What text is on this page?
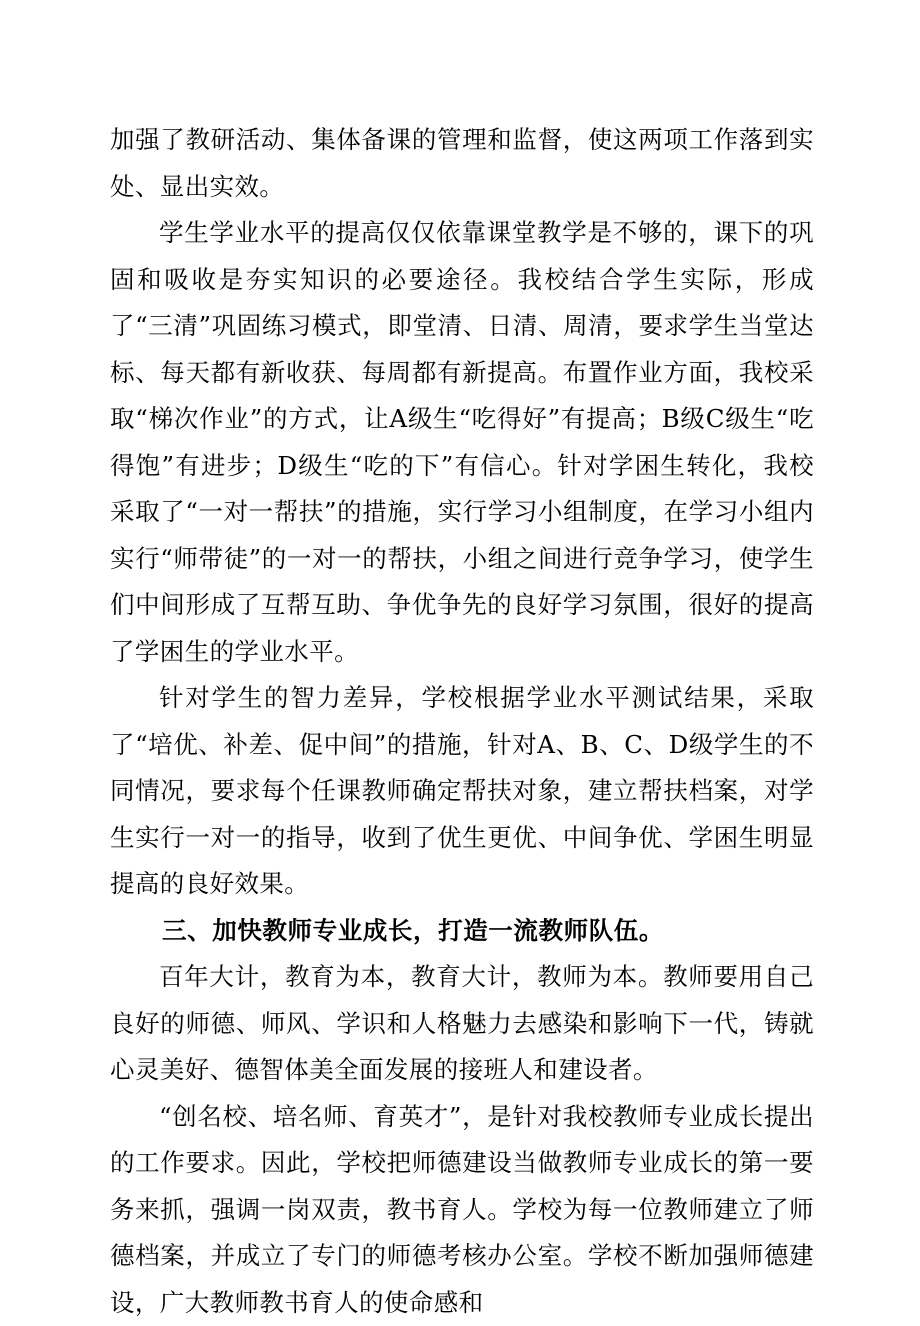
加强了教研活动、集体备课的管理和监督，使这两项工作落到实处、显出实效。

学生学业水平的提高仅仅依靠课堂教学是不够的，课下的巩固和吸收是夯实知识的必要途径。我校结合学生实际，形成了“三清”巩固练习模式，即堂清、日清、周清，要求学生当堂达标、每天都有新收获、每周都有新提高。布置作业方面，我校采取“梯次作业”的方式，让A级生“吃得好”有提高；B级C级生“吃得饱”有进步；D级生“吃的下”有信心。针对学困生转化，我校采取了“一对一帮扶”的措施，实行学习小组制度，在学习小组内实行“师带徒”的一对一的帮扶，小组之间进行竞争学习，使学生们中间形成了互帮互助、争优争先的良好学习氛围，很好的提高了学困生的学业水平。

针对学生的智力差异，学校根据学业水平测试结果，采取了“培优、补差、促中间”的措施，针对A、B、C、D级学生的不同情况，要求每个任课教师确定帮扶对象，建立帮扶档案，对学生实行一对一的指导，收到了优生更优、中间争优、学困生明显提高的良好效果。

三、加快教师专业成长，打造一流教师队伍。

百年大计，教育为本，教育大计，教师为本。教师要用自己良好的师德、师风、学识和人格魅力去感染和影响下一代，铸就心灵美好、德智体美全面发展的接班人和建设者。

“创名校、培名师、育英才”，是针对我校教师专业成长提出的工作要求。因此，学校把师德建设当做教师专业成长的第一要务来抓，强调一岗双责，教书育人。学校为每一位教师建立了师德档案，并成立了专门的师德考核办公室。学校不断加强师德建设，广大教师教书育人的使命感和
